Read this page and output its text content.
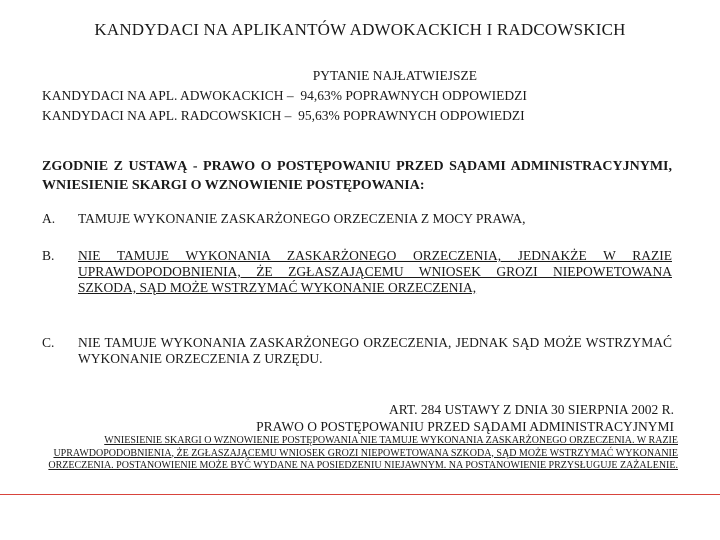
KANDYDACI NA APLIKANTÓW ADWOKACKICH I RADCOWSKICH
PYTANIE NAJŁATWIEJSZE
KANDYDACI NA APL. ADWOKACKICH –  94,63% POPRAWNYCH ODPOWIEDZI
KANDYDACI NA APL. RADCOWSKICH –  95,63% POPRAWNYCH ODPOWIEDZI
ZGODNIE Z USTAWĄ - PRAWO O POSTĘPOWANIU PRZED SĄDAMI ADMINISTRACYJNYMI, WNIESIENIE SKARGI O WZNOWIENIE POSTĘPOWANIA:
A.	TAMUJE WYKONANIE ZASKARŻONEGO ORZECZENIA Z MOCY PRAWA,
B.	NIE TAMUJE WYKONANIA ZASKARŻONEGO ORZECZENIA, JEDNAKŻE W RAZIE UPRAWDOPODOBNIENIA, ŻE ZGŁASZAJĄCEMU WNIOSEK GROZI NIEPOWETOWANA SZKODA, SĄD MOŻE WSTRZYMAĆ WYKONANIE ORZECZENIA,
C.	NIE TAMUJE WYKONANIA ZASKARŻONEGO ORZECZENIA, JEDNAK SĄD MOŻE WSTRZYMAĆ WYKONANIE ORZECZENIA Z URZĘDU.
ART. 284 USTAWY Z DNIA 30 SIERPNIA 2002 R.
PRAWO O POSTĘPOWANIU PRZED SĄDAMI ADMINISTRACYJNYMI
WNIESIENIE SKARGI O WZNOWIENIE POSTĘPOWANIA NIE TAMUJE WYKONANIA ZASKARŻONEGO ORZECZENIA. W RAZIE UPRAWDOPODOBNIENIA, ŻE ZGŁASZAJĄCEMU WNIOSEK GROZI NIEPOWETOWANA SZKODA, SĄD MOŻE WSTRZYMAĆ WYKONANIE ORZECZENIA. POSTANOWIENIE MOŻE BYĆ WYDANE NA POSIEDZENIU NIEJAWNYM. NA POSTANOWIENIE PRZYSŁUGUJE ZAŻALENIE.
